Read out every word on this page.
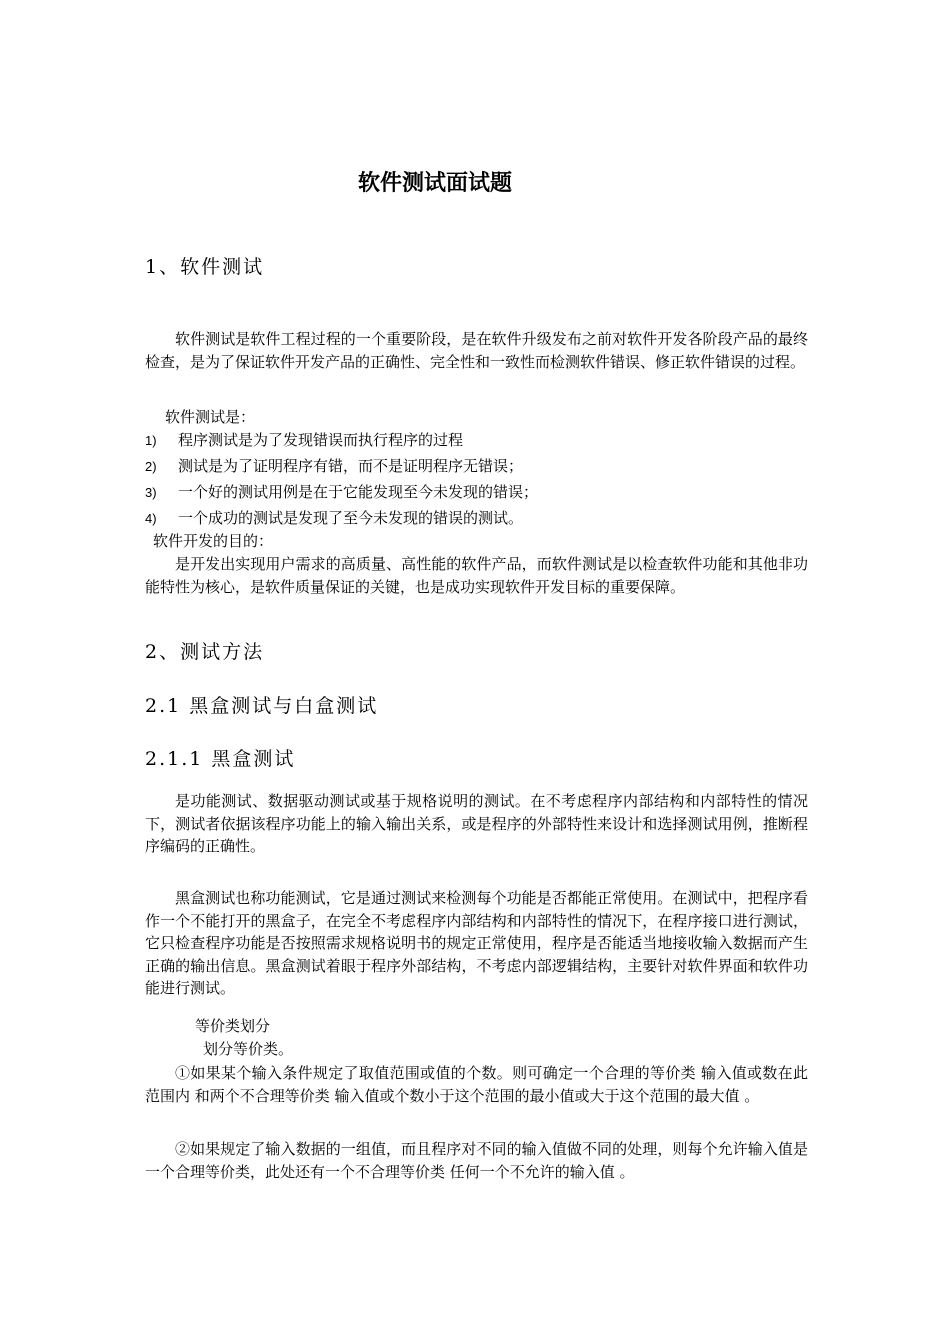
软件测试面试题
1、软件测试

软件测试是软件工程过程的一个重要阶段，是在软件升级发布之前对软件开发各阶段产品的最终检查，是为了保证软件开发产品的正确性、完全性和一致性而检测软件错误、修正软件错误的过程。

软件测试是：
1) 程序测试是为了发现错误而执行程序的过程
2) 测试是为了证明程序有错，而不是证明程序无错误；
3) 一个好的测试用例是在于它能发现至今未发现的错误；
4) 一个成功的测试是发现了至今未发现的错误的测试。
软件开发的目的：

是开发出实现用户需求的高质量、高性能的软件产品，而软件测试是以检查软件功能和其他非功能特性为核心，是软件质量保证的关键，也是成功实现软件开发目标的重要保障。

2、测试方法
2.1 黑盒测试与白盒测试
2.1.1 黑盒测试

是功能测试、数据驱动测试或基于规格说明的测试。在不考虑程序内部结构和内部特性的情况下，测试者依据该程序功能上的输入输出关系，或是程序的外部特性来设计和选择测试用例，推断程序编码的正确性。

黑盒测试也称功能测试，它是通过测试来检测每个功能是否都能正常使用。在测试中，把程序看作一个不能打开的黑盒子，在完全不考虑程序内部结构和内部特性的情况下，在程序接口进行测试，它只检查程序功能是否按照需求规格说明书的规定正常使用，程序是否能适当地接收输入数据而产生正确的输出信息。黑盒测试着眼于程序外部结构，不考虑内部逻辑结构，主要针对软件界面和软件功能进行测试。

等价类划分
划分等价类。

①如果某个输入条件规定了取值范围或值的个数。则可确定一个合理的等价类 输入值或数在此范围内 和两个不合理等价类 输入值或个数小于这个范围的最小值或大于这个范围的最大值 。

②如果规定了输入数据的一组值，而且程序对不同的输入值做不同的处理，则每个允许输入值是一个合理等价类，此处还有一个不合理等价类 任何一个不允许的输入值 。
